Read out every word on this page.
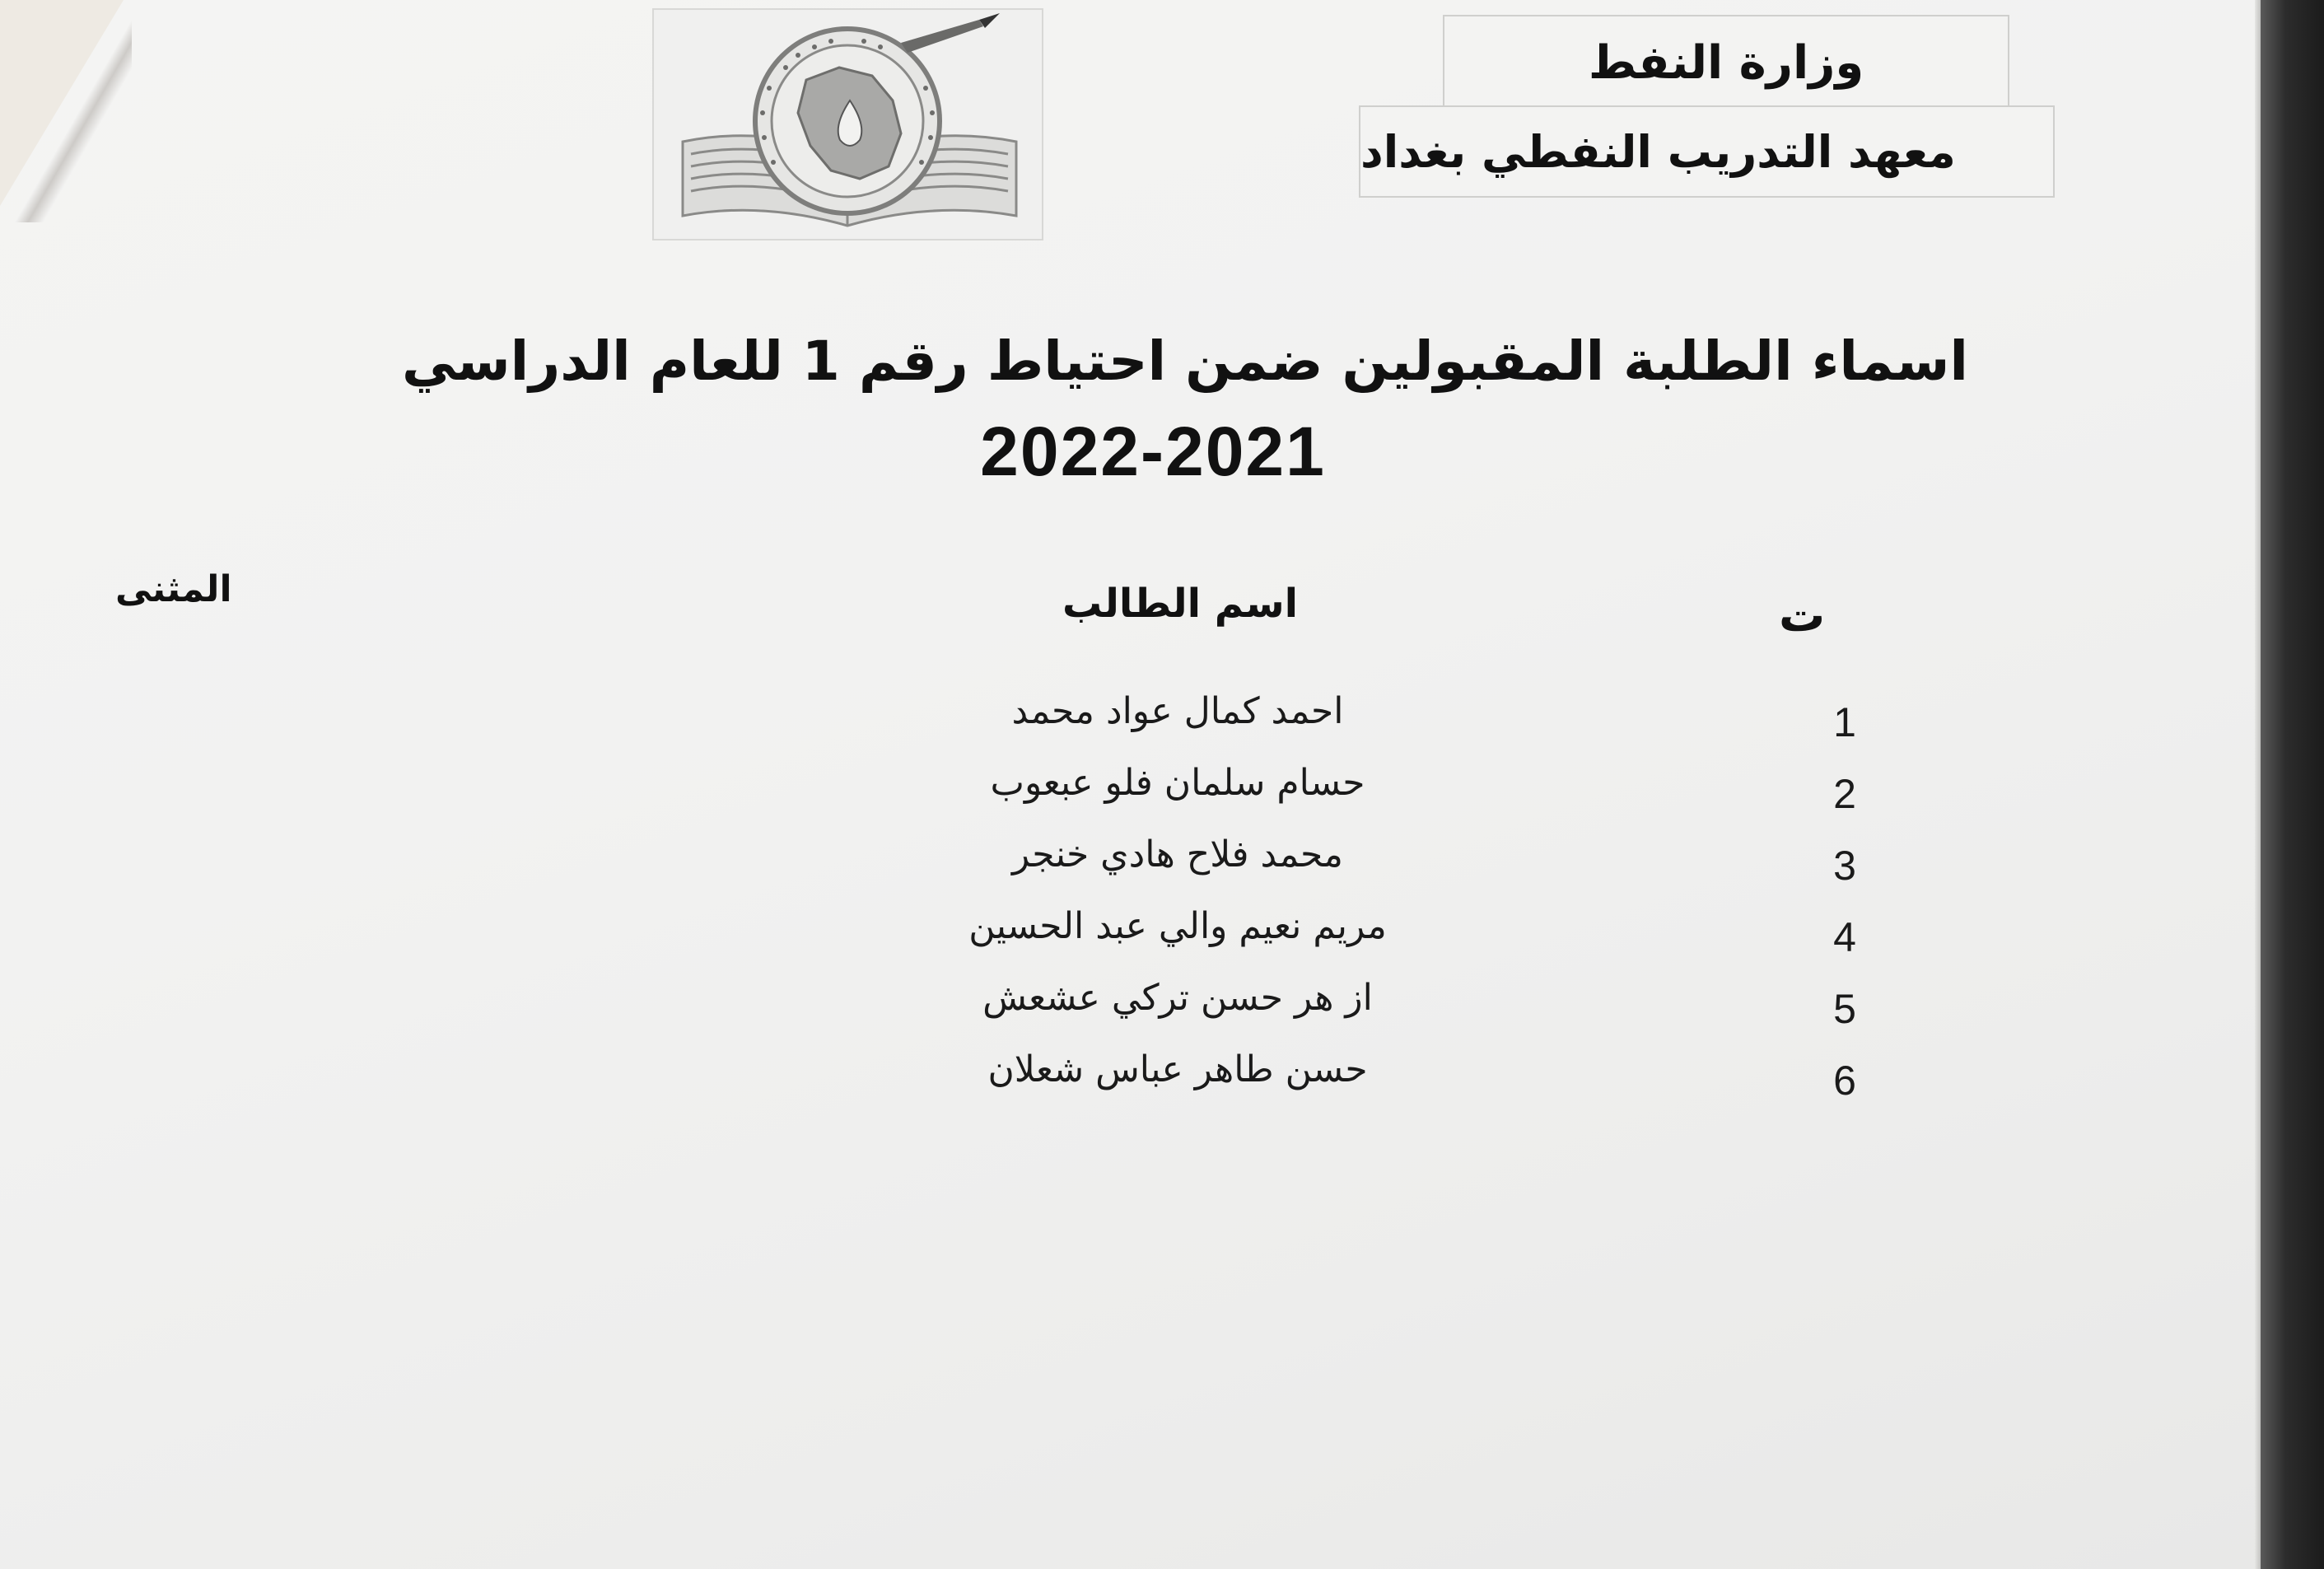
وزارة النفط
معهد التدريب النفطي بغداد
اسماء الطلبة المقبولين ضمن احتياط رقم 1 للعام الدراسي
2022-2021
ت
اسم الطالب
المثنى
1
احمد كمال عواد محمد
2
حسام سلمان فلو عبعوب
3
محمد فلاح هادي خنجر
4
مريم نعيم والي عبد الحسين
5
از هر حسن تركي عشعش
6
حسن طاهر عباس شعلان
